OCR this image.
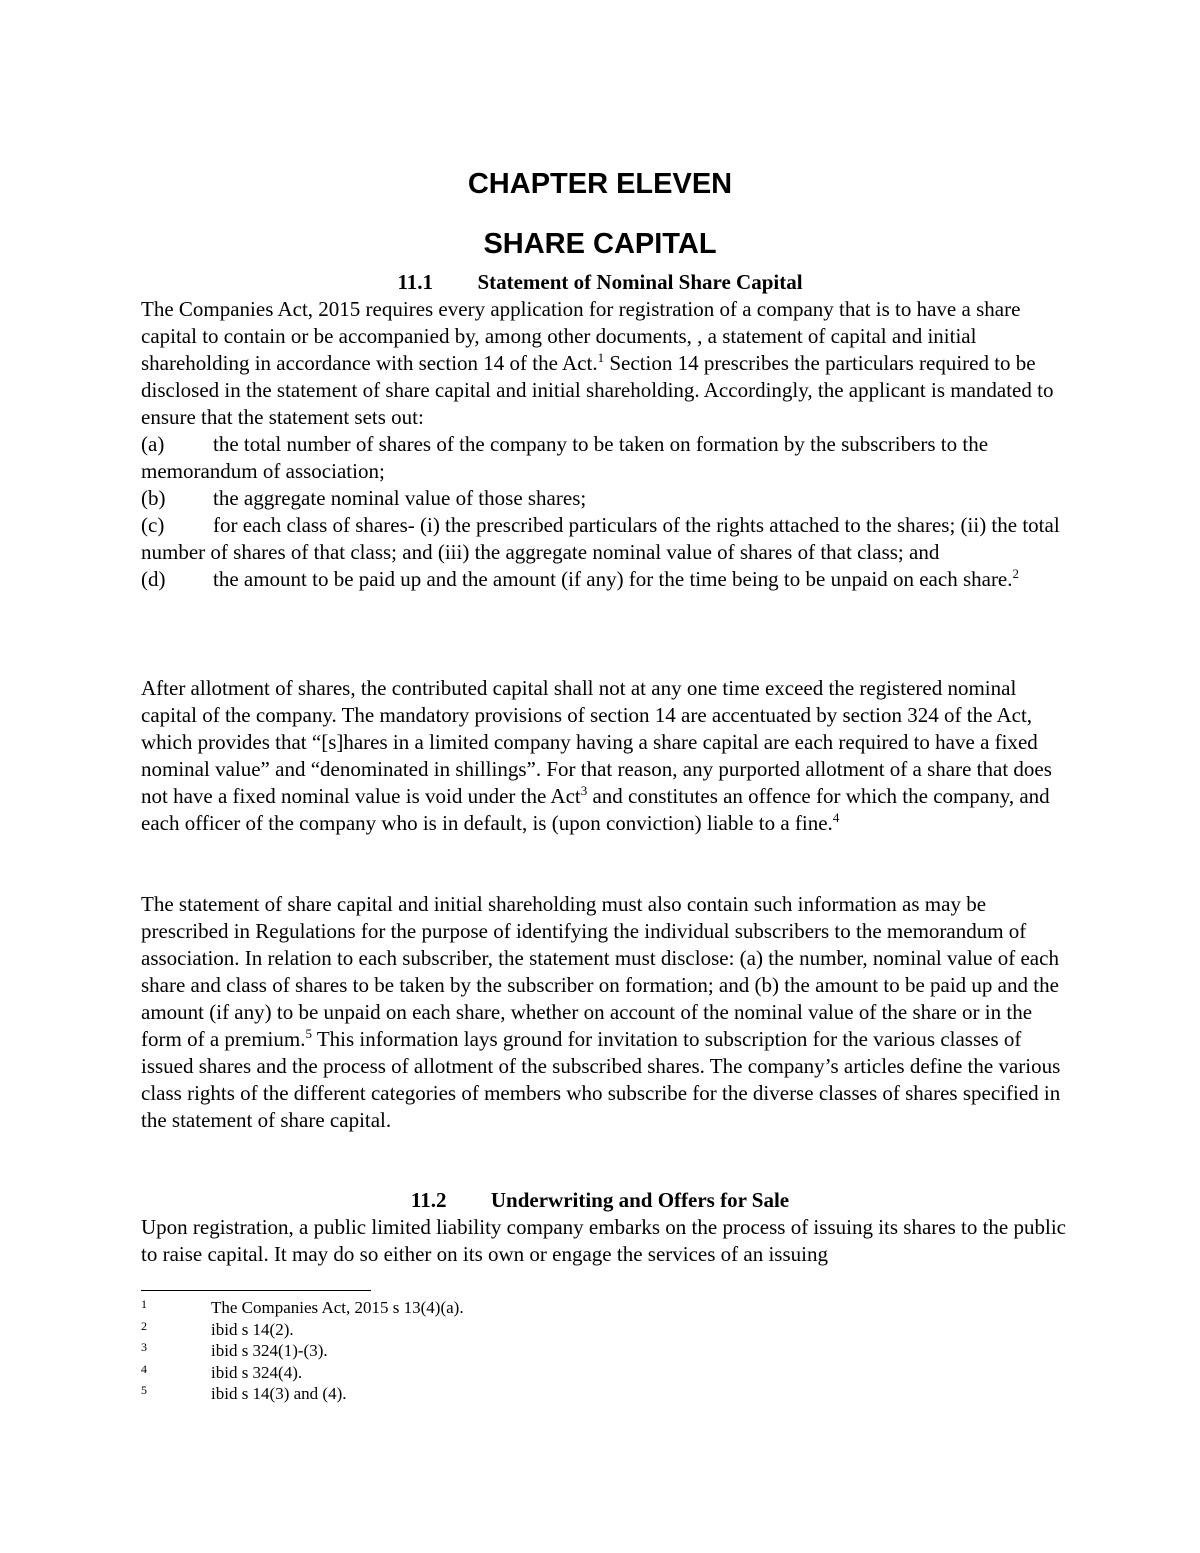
CHAPTER ELEVEN
SHARE CAPITAL
11.1 Statement of Nominal Share Capital

The Companies Act, 2015 requires every application for registration of a company that is to have a share capital to contain or be accompanied by, among other documents, , a statement of capital and initial shareholding in accordance with section 14 of the Act.$^1$ Section 14 prescribes the particulars required to be disclosed in the statement of share capital and initial shareholding. Accordingly, the applicant is mandated to ensure that the statement sets out:

(a) the total number of shares of the company to be taken on formation by the subscribers to the memorandum of association;

(b) the aggregate nominal value of those shares;

(c) for each class of shares- (i) the prescribed particulars of the rights attached to the shares; (ii) the total number of shares of that class; and (iii) the aggregate nominal value of shares of that class; and

(d) the amount to be paid up and the amount (if any) for the time being to be unpaid on each share.$^2$

After allotment of shares, the contributed capital shall not at any one time exceed the registered nominal capital of the company. The mandatory provisions of section 14 are accentuated by section 324 of the Act, which provides that “[s]hares in a limited company having a share capital are each required to have a fixed nominal value” and “denominated in shillings”. For that reason, any purported allotment of a share that does not have a fixed nominal value is void under the Act$^3$ and constitutes an offence for which the company, and each officer of the company who is in default, is (upon conviction) liable to a fine.$^4$

The statement of share capital and initial shareholding must also contain such information as may be prescribed in Regulations for the purpose of identifying the individual subscribers to the memorandum of association. In relation to each subscriber, the statement must disclose: (a) the number, nominal value of each share and class of shares to be taken by the subscriber on formation; and (b) the amount to be paid up and the amount (if any) to be unpaid on each share, whether on account of the nominal value of the share or in the form of a premium.$^5$ This information lays ground for invitation to subscription for the various classes of issued shares and the process of allotment of the subscribed shares. The company’s articles define the various class rights of the different categories of members who subscribe for the diverse classes of shares specified in the statement of share capital.

11.2 Underwriting and Offers for Sale

Upon registration, a public limited liability company embarks on the process of issuing its shares to the public to raise capital. It may do so either on its own or engage the services of an issuing

1	The Companies Act, 2015 s 13(4)(a).
2	ibid s 14(2).
3	ibid s 324(1)-(3).
4	ibid s 324(4).
5	ibid s 14(3) and (4).
